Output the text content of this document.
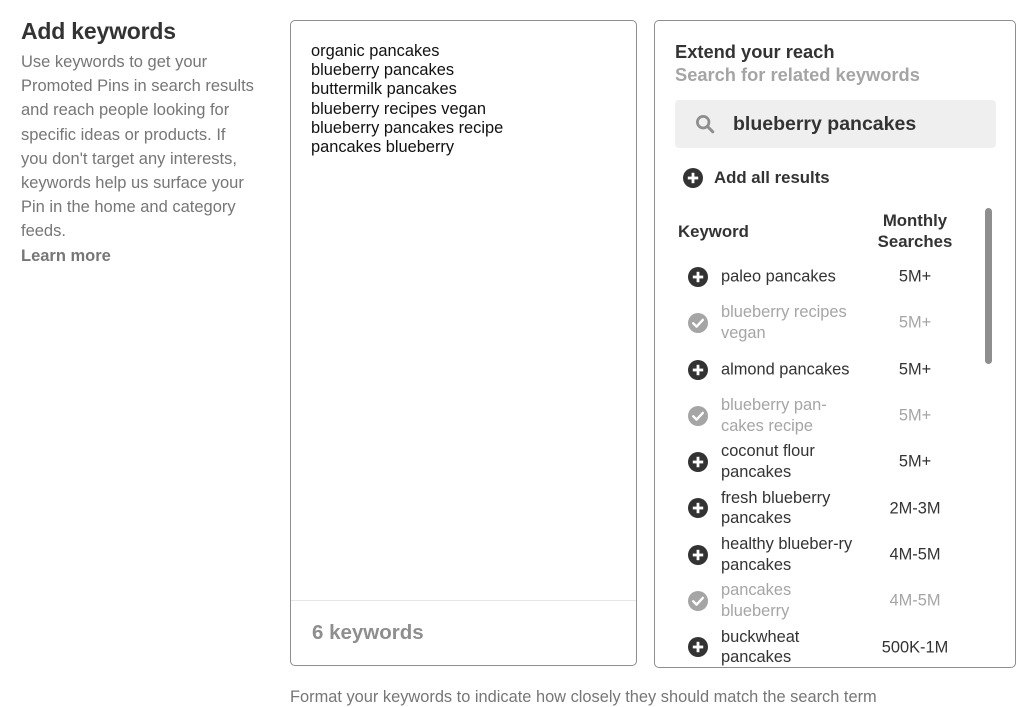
Add keywords

Use keywords to get your Promoted Pins in search results and reach people looking for specific ideas or products. If you don't target any interests, keywords help us surface your Pin in the home and category feeds.
Learn more

organic pancakes
blueberry pancakes
buttermilk pancakes
blueberry recipes vegan
blueberry pancakes recipe
pancakes blueberry
6 keywords
Extend your reach
Search for related keywords
blueberry pancakes
Add all results
Keyword
Monthly Searches
paleo pancakes	5M+
blueberry recipes vegan
5M+
almond pancakes	5M+
blueberry pan-cakes recipe
5M+
coconut flour pancakes
5M+
fresh blueberry pancakes
2M-3M
healthy blueber-ry pancakes
4M-5M
pancakes blueberry
4M-5M
buckwheat pancakes
500K-1M
Format your keywords to indicate how closely they should match the search term
